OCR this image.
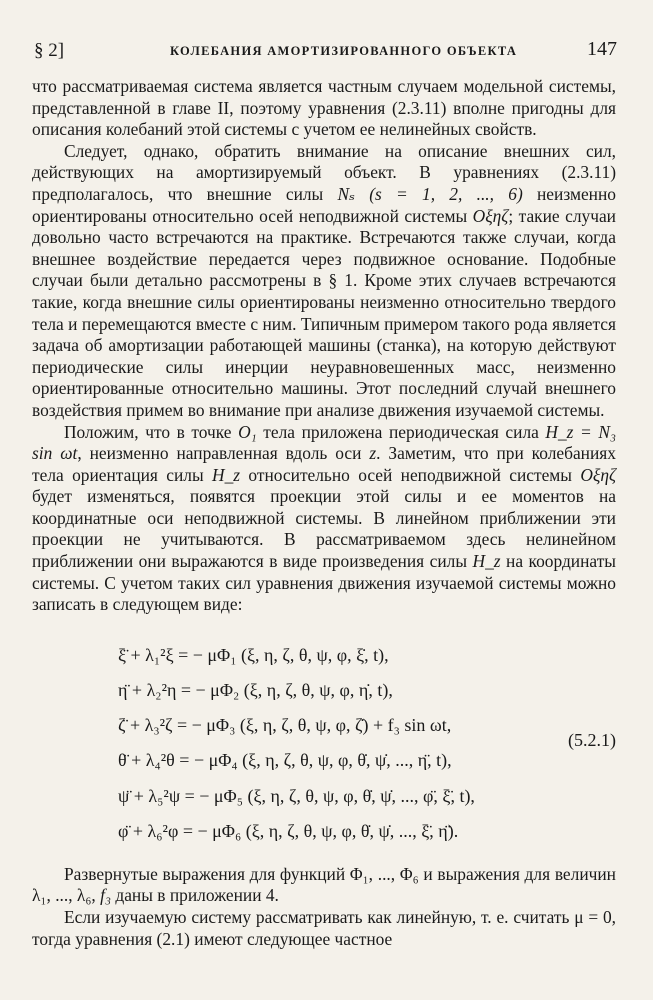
§ 2]	КОЛЕБАНИЯ АМОРТИЗИРОВАННОГО ОБЪЕКТА	147

что рассматриваемая система является частным случаем модельной системы, представленной в главе II, поэтому уравнения (2.3.11) вполне пригодны для описания колебаний этой системы с учетом ее нелинейных свойств.

Следует, однако, обратить внимание на описание внешних сил, действующих на амортизируемый объект. В уравнениях (2.3.11) предполагалось, что внешние силы Nₛ (s = 1, 2, ..., 6) неизменно ориентированы относительно осей неподвижной системы Oξηζ; такие случаи довольно часто встречаются на практике. Встречаются также случаи, когда внешнее воздействие передается через подвижное основание. Подобные случаи были детально рассмотрены в § 1. Кроме этих случаев встречаются такие, когда внешние силы ориентированы неизменно относительно твердого тела и перемещаются вместе с ним. Типичным примером такого рода является задача об амортизации работающей машины (станка), на которую действуют периодические силы инерции неуравновешенных масс, неизменно ориентированные относительно машины. Этот последний случай внешнего воздействия примем во внимание при анализе движения изучаемой системы.

Положим, что в точке O₁ тела приложена периодическая сила H_z = N₃ sin ωt, неизменно направленная вдоль оси z. Заметим, что при колебаниях тела ориентация силы H_z относительно осей неподвижной системы Oξηζ будет изменяться, появятся проекции этой силы и ее моментов на координатные оси неподвижной системы. В линейном приближении эти проекции не учитываются. В рассматриваемом здесь нелинейном приближении они выражаются в виде произведения силы H_z на координаты системы. С учетом таких сил уравнения движения изучаемой системы можно записать в следующем виде:

ξ̈ + λ₁²ξ = − μΦ₁ (ξ, η, ζ, θ, ψ, φ, ξ̇, t),
η̈ + λ₂²η = − μΦ₂ (ξ, η, ζ, θ, ψ, φ, η̇, t),
ζ̈ + λ₃²ζ = − μΦ₃ (ξ, η, ζ, θ, ψ, φ, ζ̇) + f₃ sin ωt,
θ̈ + λ₄²θ = − μΦ₄ (ξ, η, ζ, θ, ψ, φ, θ̇, ψ̇, ..., η̈, t),
ψ̈ + λ₅²ψ = − μΦ₅ (ξ, η, ζ, θ, ψ, φ, θ̇, ψ̇, ..., φ̈, ξ̈, t),
φ̈ + λ₆²φ = − μΦ₆ (ξ, η, ζ, θ, ψ, φ, θ̇, ψ̇, ..., ξ̈, η̈).
(5.2.1)

Развернутые выражения для функций Φ₁, ..., Φ₆ и выражения для величин λ₁, ..., λ₆, f₃ даны в приложении 4.

Если изучаемую систему рассматривать как линейную, т. е. считать μ = 0, тогда уравнения (2.1) имеют следующее частное
